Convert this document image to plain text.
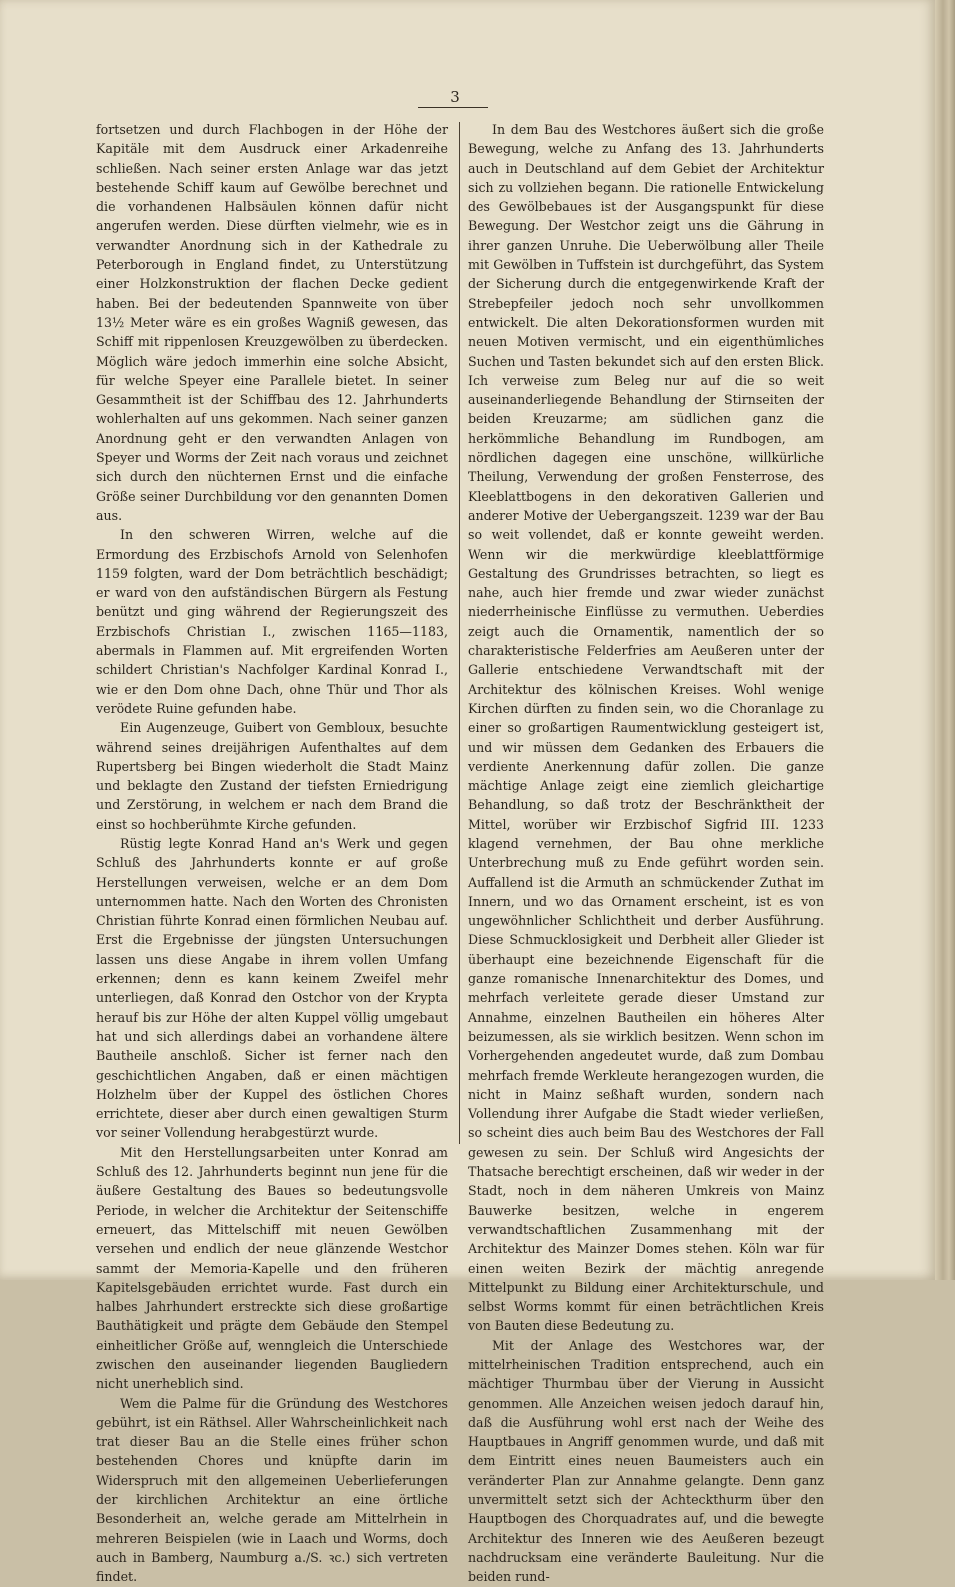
3

fortsetzen und durch Flachbogen in der Höhe der Kapitäle mit dem Ausdruck einer Arkadenreihe schließen. Nach seiner ersten Anlage war das jetzt bestehende Schiff kaum auf Gewölbe berechnet und die vorhandenen Halbsäulen können dafür nicht angerufen werden. Diese dürften vielmehr, wie es in verwandter Anordnung sich in der Kathedrale zu Peterborough in England findet, zu Unterstützung einer Holzkonstruktion der flachen Decke gedient haben. Bei der bedeutenden Spannweite von über 13½ Meter wäre es ein großes Wagniß gewesen, das Schiff mit rippenlosen Kreuzgewölben zu überdecken. Möglich wäre jedoch immerhin eine solche Absicht, für welche Speyer eine Parallele bietet. In seiner Gesammtheit ist der Schiffbau des 12. Jahrhunderts wohlerhalten auf uns gekommen. Nach seiner ganzen Anordnung geht er den verwandten Anlagen von Speyer und Worms der Zeit nach voraus und zeichnet sich durch den nüchternen Ernst und die einfache Größe seiner Durchbildung vor den genannten Domen aus.

In den schweren Wirren, welche auf die Ermordung des Erzbischofs Arnold von Selenhofen 1159 folgten, ward der Dom beträchtlich beschädigt; er ward von den aufständischen Bürgern als Festung benützt und ging während der Regierungszeit des Erzbischofs Christian I., zwischen 1165—1183, abermals in Flammen auf. Mit ergreifenden Worten schildert Christian's Nachfolger Kardinal Konrad I., wie er den Dom ohne Dach, ohne Thür und Thor als verödete Ruine gefunden habe.

Ein Augenzeuge, Guibert von Gembloux, besuchte während seines dreijährigen Aufenthaltes auf dem Rupertsberg bei Bingen wiederholt die Stadt Mainz und beklagte den Zustand der tiefsten Erniedrigung und Zerstörung, in welchem er nach dem Brand die einst so hochberühmte Kirche gefunden.

Rüstig legte Konrad Hand an's Werk und gegen Schluß des Jahrhunderts konnte er auf große Herstellungen verweisen, welche er an dem Dom unternommen hatte. Nach den Worten des Chronisten Christian führte Konrad einen förmlichen Neubau auf. Erst die Ergebnisse der jüngsten Untersuchungen lassen uns diese Angabe in ihrem vollen Umfang erkennen; denn es kann keinem Zweifel mehr unterliegen, daß Konrad den Ostchor von der Krypta herauf bis zur Höhe der alten Kuppel völlig umgebaut hat und sich allerdings dabei an vorhandene ältere Bautheile anschloß. Sicher ist ferner nach den geschichtlichen Angaben, daß er einen mächtigen Holzhelm über der Kuppel des östlichen Chores errichtete, dieser aber durch einen gewaltigen Sturm vor seiner Vollendung herabgestürzt wurde.

Mit den Herstellungsarbeiten unter Konrad am Schluß des 12. Jahrhunderts beginnt nun jene für die äußere Gestaltung des Baues so bedeutungsvolle Periode, in welcher die Architektur der Seitenschiffe erneuert, das Mittelschiff mit neuen Gewölben versehen und endlich der neue glänzende Westchor sammt der Memoria-Kapelle und den früheren Kapitelsgebäuden errichtet wurde. Fast durch ein halbes Jahrhundert erstreckte sich diese großartige Bauthätigkeit und prägte dem Gebäude den Stempel einheitlicher Größe auf, wenngleich die Unterschiede zwischen den auseinander liegenden Baugliedern nicht unerheblich sind.

Wem die Palme für die Gründung des Westchores gebührt, ist ein Räthsel. Aller Wahrscheinlichkeit nach trat dieser Bau an die Stelle eines früher schon bestehenden Chores und knüpfte darin im Widerspruch mit den allgemeinen Ueberlieferungen der kirchlichen Architektur an eine örtliche Besonderheit an, welche gerade am Mittelrhein in mehreren Beispielen (wie in Laach und Worms, doch auch in Bamberg, Naumburg a./S. ꝛc.) sich vertreten findet.

In dem Bau des Westchores äußert sich die große Bewegung, welche zu Anfang des 13. Jahrhunderts auch in Deutschland auf dem Gebiet der Architektur sich zu vollziehen begann. Die rationelle Entwickelung des Gewölbebaues ist der Ausgangspunkt für diese Bewegung. Der Westchor zeigt uns die Gährung in ihrer ganzen Unruhe. Die Ueberwölbung aller Theile mit Gewölben in Tuffstein ist durchgeführt, das System der Sicherung durch die entgegenwirkende Kraft der Strebepfeiler jedoch noch sehr unvollkommen entwickelt. Die alten Dekorationsformen wurden mit neuen Motiven vermischt, und ein eigenthümliches Suchen und Tasten bekundet sich auf den ersten Blick. Ich verweise zum Beleg nur auf die so weit auseinanderliegende Behandlung der Stirnseiten der beiden Kreuzarme; am südlichen ganz die herkömmliche Behandlung im Rundbogen, am nördlichen dagegen eine unschöne, willkürliche Theilung, Verwendung der großen Fensterrose, des Kleeblattbogens in den dekorativen Gallerien und anderer Motive der Uebergangszeit. 1239 war der Bau so weit vollendet, daß er konnte geweiht werden. Wenn wir die merkwürdige kleeblattförmige Gestaltung des Grundrisses betrachten, so liegt es nahe, auch hier fremde und zwar wieder zunächst niederrheinische Einflüsse zu vermuthen. Ueberdies zeigt auch die Ornamentik, namentlich der so charakteristische Felderfries am Aeußeren unter der Gallerie entschiedene Verwandtschaft mit der Architektur des kölnischen Kreises. Wohl wenige Kirchen dürften zu finden sein, wo die Choranlage zu einer so großartigen Raumentwicklung gesteigert ist, und wir müssen dem Gedanken des Erbauers die verdiente Anerkennung dafür zollen. Die ganze mächtige Anlage zeigt eine ziemlich gleichartige Behandlung, so daß trotz der Beschränktheit der Mittel, worüber wir Erzbischof Sigfrid III. 1233 klagend vernehmen, der Bau ohne merkliche Unterbrechung muß zu Ende geführt worden sein. Auffallend ist die Armuth an schmückender Zuthat im Innern, und wo das Ornament erscheint, ist es von ungewöhnlicher Schlichtheit und derber Ausführung. Diese Schmucklosigkeit und Derbheit aller Glieder ist überhaupt eine bezeichnende Eigenschaft für die ganze romanische Innenarchitektur des Domes, und mehrfach verleitete gerade dieser Umstand zur Annahme, einzelnen Bautheilen ein höheres Alter beizumessen, als sie wirklich besitzen. Wenn schon im Vorhergehenden angedeutet wurde, daß zum Dombau mehrfach fremde Werkleute herangezogen wurden, die nicht in Mainz seßhaft wurden, sondern nach Vollendung ihrer Aufgabe die Stadt wieder verließen, so scheint dies auch beim Bau des Westchores der Fall gewesen zu sein. Der Schluß wird Angesichts der Thatsache berechtigt erscheinen, daß wir weder in der Stadt, noch in dem näheren Umkreis von Mainz Bauwerke besitzen, welche in engerem verwandtschaftlichen Zusammenhang mit der Architektur des Mainzer Domes stehen. Köln war für einen weiten Bezirk der mächtig anregende Mittelpunkt zu Bildung einer Architekturschule, und selbst Worms kommt für einen beträchtlichen Kreis von Bauten diese Bedeutung zu.

Mit der Anlage des Westchores war, der mittelrheinischen Tradition entsprechend, auch ein mächtiger Thurmbau über der Vierung in Aussicht genommen. Alle Anzeichen weisen jedoch darauf hin, daß die Ausführung wohl erst nach der Weihe des Hauptbaues in Angriff genommen wurde, und daß mit dem Eintritt eines neuen Baumeisters auch ein veränderter Plan zur Annahme gelangte. Denn ganz unvermittelt setzt sich der Achteckthurm über den Hauptbogen des Chorquadrates auf, und die bewegte Architektur des Inneren wie des Aeußeren bezeugt nachdrucksam eine veränderte Bauleitung. Nur die beiden rund-
